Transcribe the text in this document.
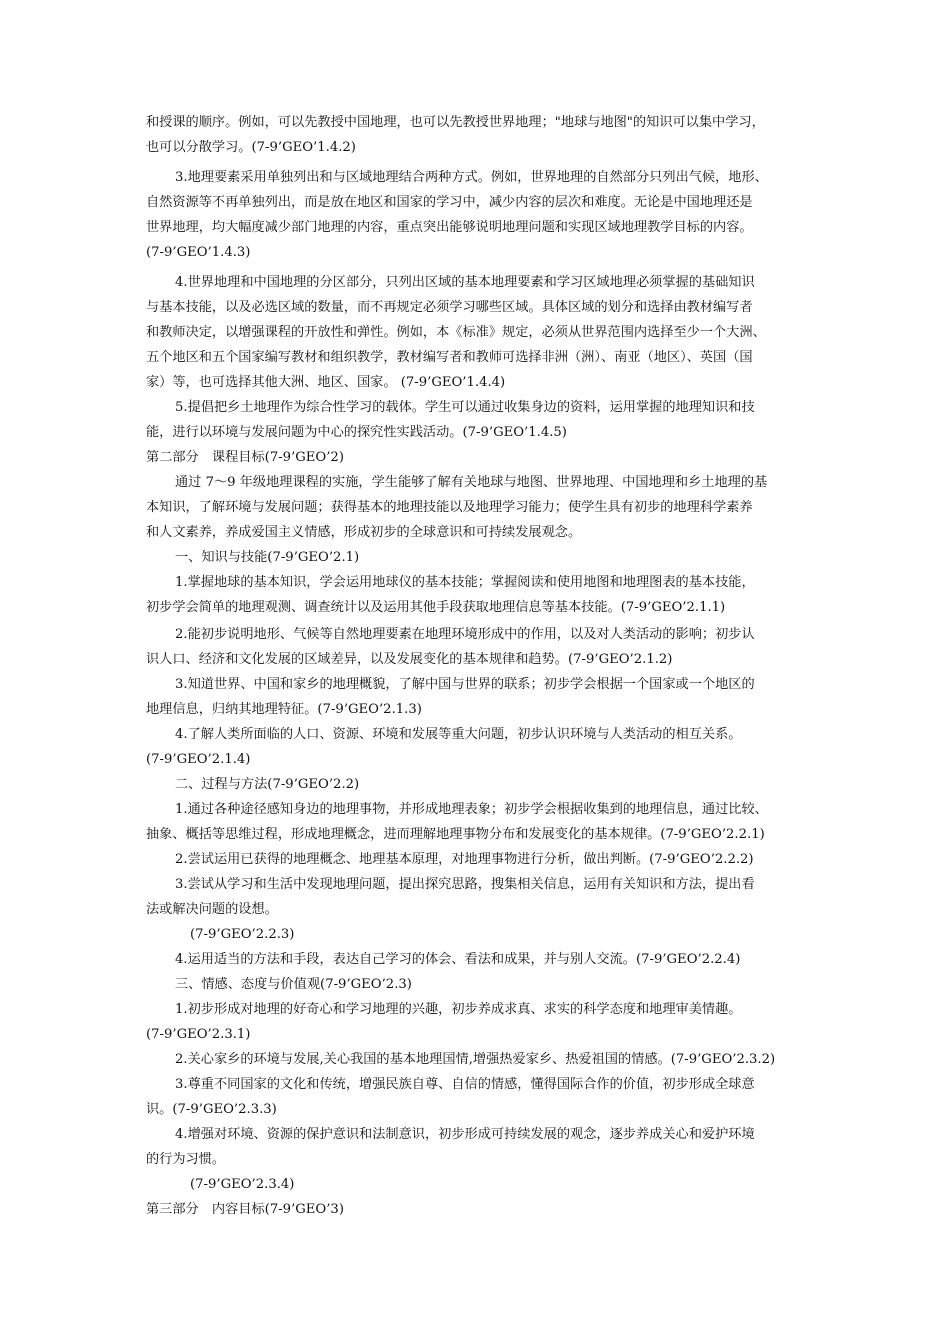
和授课的顺序。例如，可以先教授中国地理，也可以先教授世界地理；"地球与地图"的知识可以集中学习，
也可以分散学习。(7-9’GEO’1.4.2)
3.地理要素采用单独列出和与区域地理结合两种方式。例如，世界地理的自然部分只列出气候，地形、
自然资源等不再单独列出，而是放在地区和国家的学习中，减少内容的层次和难度。无论是中国地理还是
世界地理，均大幅度减少部门地理的内容，重点突出能够说明地理问题和实现区域地理教学目标的内容。
(7-9’GEO’1.4.3)
4.世界地理和中国地理的分区部分，只列出区域的基本地理要素和学习区域地理必须掌握的基础知识
与基本技能，以及必选区域的数量，而不再规定必须学习哪些区域。具体区域的划分和选择由教材编写者
和教师决定，以增强课程的开放性和弹性。例如，本《标准》规定，必须从世界范围内选择至少一个大洲、
五个地区和五个国家编写教材和组织教学，教材编写者和教师可选择非洲（洲）、南亚（地区）、英国（国
家）等，也可选择其他大洲、地区、国家。 (7-9’GEO’1.4.4)
5.提倡把乡土地理作为综合性学习的载体。学生可以通过收集身边的资料，运用掌握的地理知识和技
能，进行以环境与发展问题为中心的探究性实践活动。(7-9’GEO’1.4.5)
第二部分　课程目标(7-9’GEO’2)
通过 7～9 年级地理课程的实施，学生能够了解有关地球与地图、世界地理、中国地理和乡土地理的基
本知识，了解环境与发展问题；获得基本的地理技能以及地理学习能力；使学生具有初步的地理科学素养
和人文素养，养成爱国主义情感，形成初步的全球意识和可持续发展观念。
一、知识与技能(7-9’GEO’2.1)
1.掌握地球的基本知识，学会运用地球仪的基本技能；掌握阅读和使用地图和地理图表的基本技能，
初步学会简单的地理观测、调查统计以及运用其他手段获取地理信息等基本技能。(7-9’GEO’2.1.1)
2.能初步说明地形、气候等自然地理要素在地理环境形成中的作用，以及对人类活动的影响；初步认
识人口、经济和文化发展的区域差异，以及发展变化的基本规律和趋势。(7-9’GEO’2.1.2)
3.知道世界、中国和家乡的地理概貌，了解中国与世界的联系；初步学会根据一个国家或一个地区的
地理信息，归纳其地理特征。(7-9’GEO’2.1.3)
4.了解人类所面临的人口、资源、环境和发展等重大问题，初步认识环境与人类活动的相互关系。
(7-9’GEO’2.1.4)
二、过程与方法(7-9’GEO’2.2)
1.通过各种途径感知身边的地理事物，并形成地理表象；初步学会根据收集到的地理信息，通过比较、
抽象、概括等思维过程，形成地理概念，进而理解地理事物分布和发展变化的基本规律。(7-9’GEO’2.2.1)
2.尝试运用已获得的地理概念、地理基本原理，对地理事物进行分析，做出判断。(7-9’GEO’2.2.2)
3.尝试从学习和生活中发现地理问题，提出探究思路，搜集相关信息，运用有关知识和方法，提出看
法或解决问题的设想。
(7-9’GEO’2.2.3)
4.运用适当的方法和手段，表达自己学习的体会、看法和成果，并与别人交流。(7-9’GEO’2.2.4)
三、情感、态度与价值观(7-9’GEO’2.3)
1.初步形成对地理的好奇心和学习地理的兴趣，初步养成求真、求实的科学态度和地理审美情趣。
(7-9’GEO’2.3.1)
2.关心家乡的环境与发展,关心我国的基本地理国情,增强热爱家乡、热爱祖国的情感。(7-9’GEO’2.3.2)
3.尊重不同国家的文化和传统，增强民族自尊、自信的情感，懂得国际合作的价值，初步形成全球意
识。(7-9’GEO’2.3.3)
4.增强对环境、资源的保护意识和法制意识，初步形成可持续发展的观念，逐步养成关心和爱护环境
的行为习惯。
(7-9’GEO’2.3.4)
第三部分　内容目标(7-9’GEO’3)
